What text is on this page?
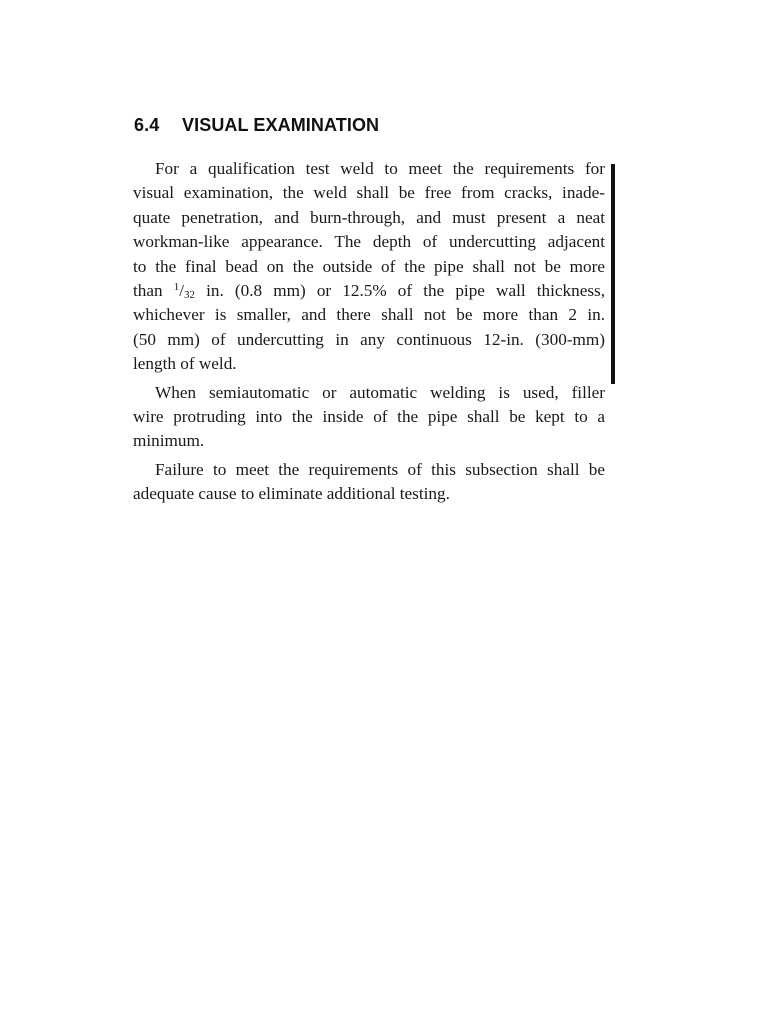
6.4 VISUAL EXAMINATION
For a qualification test weld to meet the requirements for
visual examination, the weld shall be free from cracks, inade-
quate penetration, and burn-through, and must present a neat
workman-like appearance. The depth of undercutting adjacent
to the final bead on the outside of the pipe shall not be more
than $^1/_{32}$ in. (0.8 mm) or 12.5% of the pipe wall thickness,
whichever is smaller, and there shall not be more than 2 in.
(50 mm) of undercutting in any continuous 12-in. (300-mm)
length of weld.
When semiautomatic or automatic welding is used, filler
wire protruding into the inside of the pipe shall be kept to a
minimum.
Failure to meet the requirements of this subsection shall be
adequate cause to eliminate additional testing.
